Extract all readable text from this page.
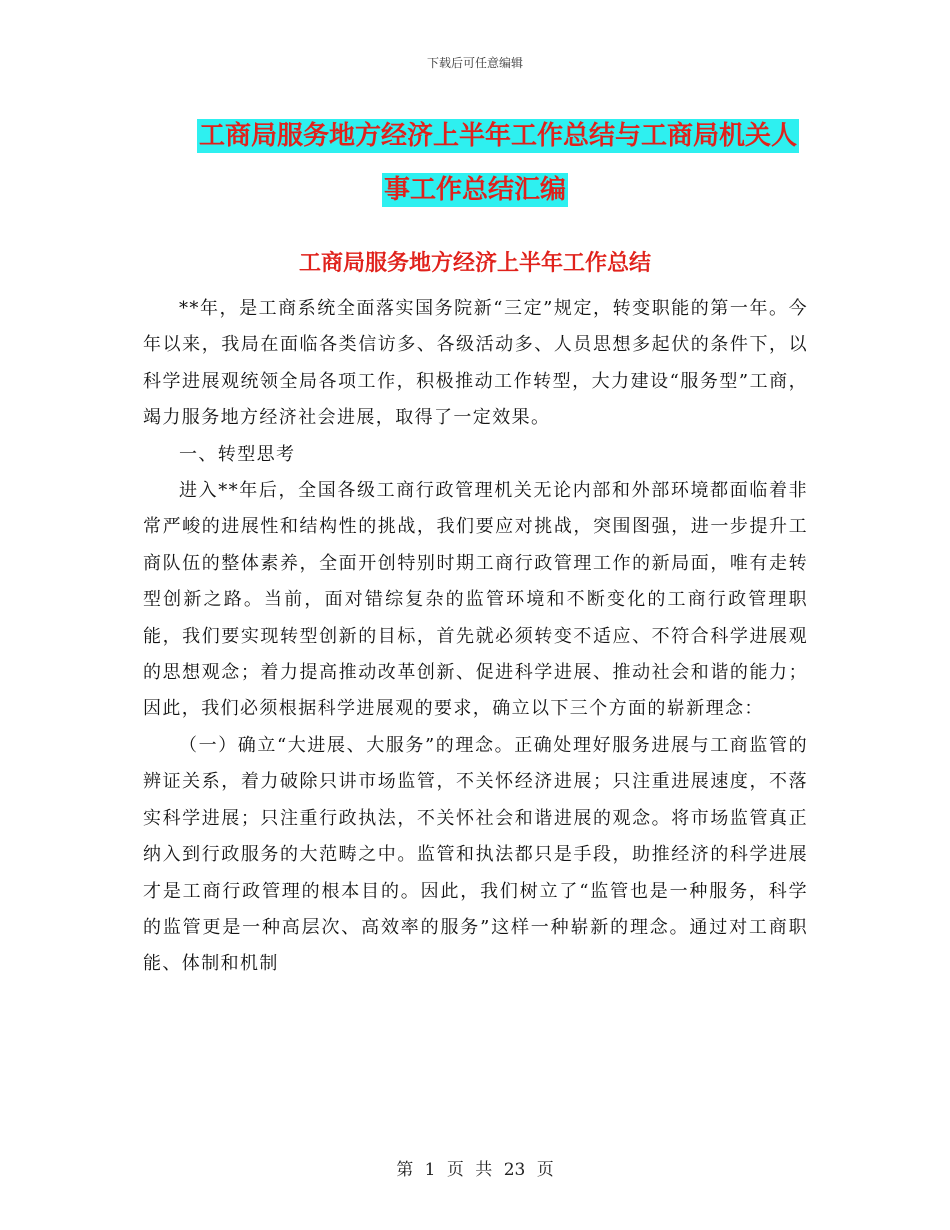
下载后可任意编辑
工商局服务地方经济上半年工作总结与工商局机关人
事工作总结汇编
工商局服务地方经济上半年工作总结

**年，是工商系统全面落实国务院新“三定”规定，转变职能的第一年。今年以来，我局在面临各类信访多、各级活动多、人员思想多起伏的条件下，以科学进展观统领全局各项工作，积极推动工作转型，大力建设“服务型”工商，竭力服务地方经济社会进展，取得了一定效果。

一、转型思考

进入**年后，全国各级工商行政管理机关无论内部和外部环境都面临着非常严峻的进展性和结构性的挑战，我们要应对挑战，突围图强，进一步提升工商队伍的整体素养，全面开创特别时期工商行政管理工作的新局面，唯有走转型创新之路。当前，面对错综复杂的监管环境和不断变化的工商行政管理职能，我们要实现转型创新的目标，首先就必须转变不适应、不符合科学进展观的思想观念；着力提高推动改革创新、促进科学进展、推动社会和谐的能力；因此，我们必须根据科学进展观的要求，确立以下三个方面的崭新理念：

（一）确立“大进展、大服务”的理念。正确处理好服务进展与工商监管的辨证关系，着力破除只讲市场监管，不关怀经济进展；只注重进展速度，不落实科学进展；只注重行政执法，不关怀社会和谐进展的观念。将市场监管真正纳入到行政服务的大范畴之中。监管和执法都只是手段，助推经济的科学进展才是工商行政管理的根本目的。因此，我们树立了“监管也是一种服务，科学的监管更是一种高层次、高效率的服务”这样一种崭新的理念。通过对工商职能、体制和机制

第 1 页 共 23 页
